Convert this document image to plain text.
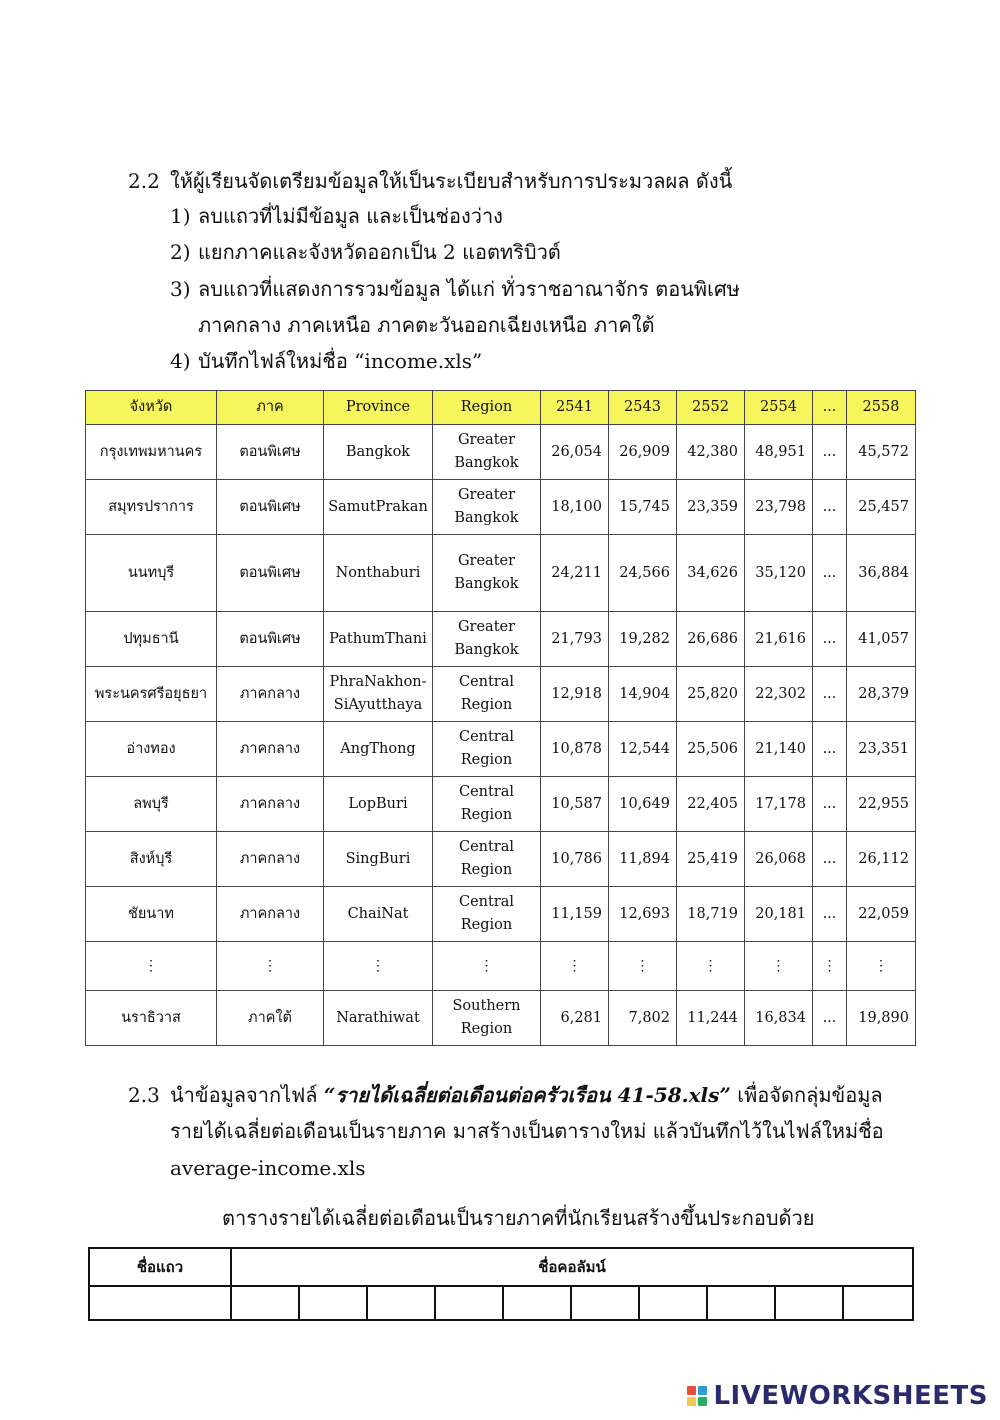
2.2 ให้ผู้เรียนจัดเตรียมข้อมูลให้เป็นระเบียบสำหรับการประมวลผล ดังนี้
1) ลบแถวที่ไม่มีข้อมูล และเป็นช่องว่าง
2) แยกภาคและจังหวัดออกเป็น 2 แอตทริบิวต์
3) ลบแถวที่แสดงการรวมข้อมูล ได้แก่ ทั่วราชอาณาจักร ตอนพิเศษ
ภาคกลาง ภาคเหนือ ภาคตะวันออกเฉียงเหนือ ภาคใต้
4) บันทึกไฟล์ใหม่ชื่อ “income.xls”
จังหวัด	ภาค	Province	Region	2541	2543	2552	2554	...	2558
กรุงเทพมหานคร	ตอนพิเศษ	Bangkok	Greater Bangkok	26,054	26,909	42,380	48,951	...	45,572
สมุทรปราการ	ตอนพิเศษ	SamutPrakan	Greater Bangkok	18,100	15,745	23,359	23,798	...	25,457
นนทบุรี	ตอนพิเศษ	Nonthaburi	Greater Bangkok	24,211	24,566	34,626	35,120	...	36,884
ปทุมธานี	ตอนพิเศษ	PathumThani	Greater Bangkok	21,793	19,282	26,686	21,616	...	41,057
พระนครศรีอยุธยา	ภาคกลาง	PhraNakhon-SiAyutthaya	Central Region	12,918	14,904	25,820	22,302	...	28,379
อ่างทอง	ภาคกลาง	AngThong	Central Region	10,878	12,544	25,506	21,140	...	23,351
ลพบุรี	ภาคกลาง	LopBuri	Central Region	10,587	10,649	22,405	17,178	...	22,955
สิงห์บุรี	ภาคกลาง	SingBuri	Central Region	10,786	11,894	25,419	26,068	...	26,112
ชัยนาท	ภาคกลาง	ChaiNat	Central Region	11,159	12,693	18,719	20,181	...	22,059
⋮	⋮	⋮	⋮	⋮	⋮	⋮	⋮	⋮	⋮
นราธิวาส	ภาคใต้	Narathiwat	Southern Region	6,281	7,802	11,244	16,834	...	19,890
2.3 นำข้อมูลจากไฟล์ “รายได้เฉลี่ยต่อเดือนต่อครัวเรือน 41-58.xls” เพื่อจัดกลุ่มข้อมูล
รายได้เฉลี่ยต่อเดือนเป็นรายภาค มาสร้างเป็นตารางใหม่ แล้วบันทึกไว้ในไฟล์ใหม่ชื่อ
average-income.xls
ตารางรายได้เฉลี่ยต่อเดือนเป็นรายภาคที่นักเรียนสร้างขึ้นประกอบด้วย
ชื่อแถว	ชื่อคอลัมน์									

LIVEWORKSHEETS
